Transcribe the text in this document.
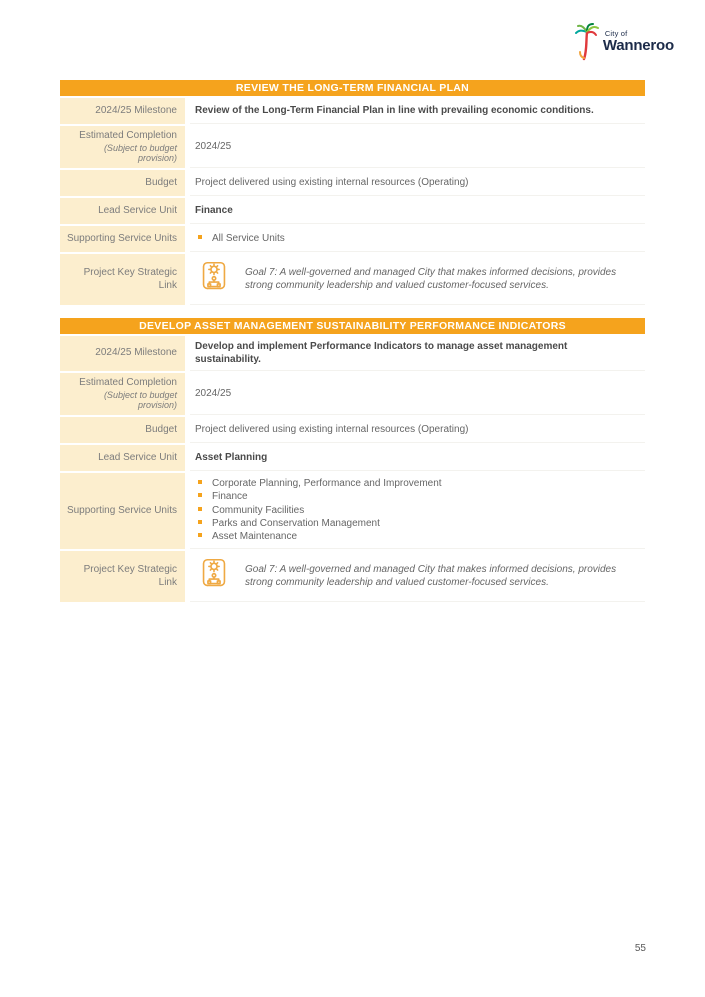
City of
Wanneroo
REVIEW THE LONG-TERM FINANCIAL PLAN
2024/25 Milestone Review of the Long-Term Financial Plan in line with prevailing economic conditions.
Estimated Completion
(Subject to budget provision)
2024/25
Budget Project delivered using existing internal resources (Operating)
Lead Service Unit Finance
Supporting Service Units	All Service Units
Project Key Strategic Link
Goal 7: A well-governed and managed City that makes informed decisions, provides strong community leadership and valued customer-focused services.
DEVELOP ASSET MANAGEMENT SUSTAINABILITY PERFORMANCE INDICATORS
2024/25 Milestone
Develop and implement Performance Indicators to manage asset management sustainability.
Estimated Completion
(Subject to budget provision)
2024/25
Budget Project delivered using existing internal resources (Operating)
Lead Service Unit Asset Planning
Supporting Service Units
Corporate Planning, Performance and Improvement
Finance
Community Facilities
Parks and Conservation Management
Asset Maintenance
Project Key Strategic Link
Goal 7: A well-governed and managed City that makes informed decisions, provides strong community leadership and valued customer-focused services.
55
